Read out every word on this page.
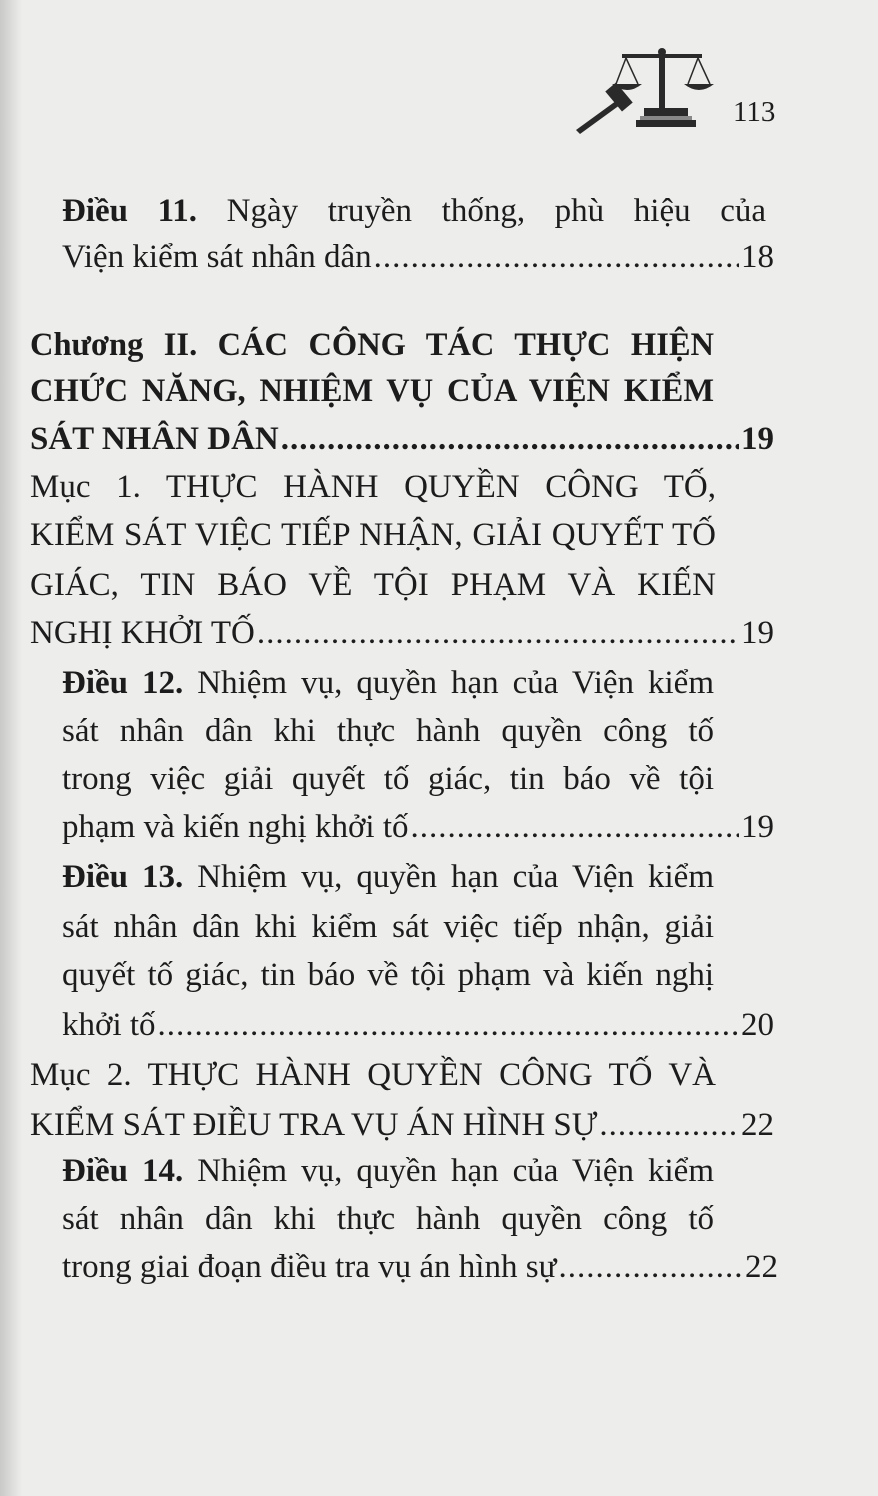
113
Điều 11. Ngày truyền thống, phù hiệu của
Viện kiểm sát nhân dân .....	18
Chương II. CÁC CÔNG TÁC THỰC HIỆN
CHỨC NĂNG, NHIỆM VỤ CỦA VIỆN KIỂM
SÁT NHÂN DÂN .....	19
Mục 1. THỰC HÀNH QUYỀN CÔNG TỐ,
KIỂM SÁT VIỆC TIẾP NHẬN, GIẢI QUYẾT TỐ
GIÁC, TIN BÁO VỀ TỘI PHẠM VÀ KIẾN
NGHỊ KHỞI TỐ .....	19
Điều 12. Nhiệm vụ, quyền hạn của Viện kiểm
sát nhân dân khi thực hành quyền công tố
trong việc giải quyết tố giác, tin báo về tội
phạm và kiến nghị khởi tố .....	19
Điều 13. Nhiệm vụ, quyền hạn của Viện kiểm
sát nhân dân khi kiểm sát việc tiếp nhận, giải
quyết tố giác, tin báo về tội phạm và kiến nghị
khởi tố .....	20
Mục 2. THỰC HÀNH QUYỀN CÔNG TỐ VÀ
KIỂM SÁT ĐIỀU TRA VỤ ÁN HÌNH SỰ .....	22
Điều 14. Nhiệm vụ, quyền hạn của Viện kiểm
sát nhân dân khi thực hành quyền công tố
trong giai đoạn điều tra vụ án hình sự .....	22
